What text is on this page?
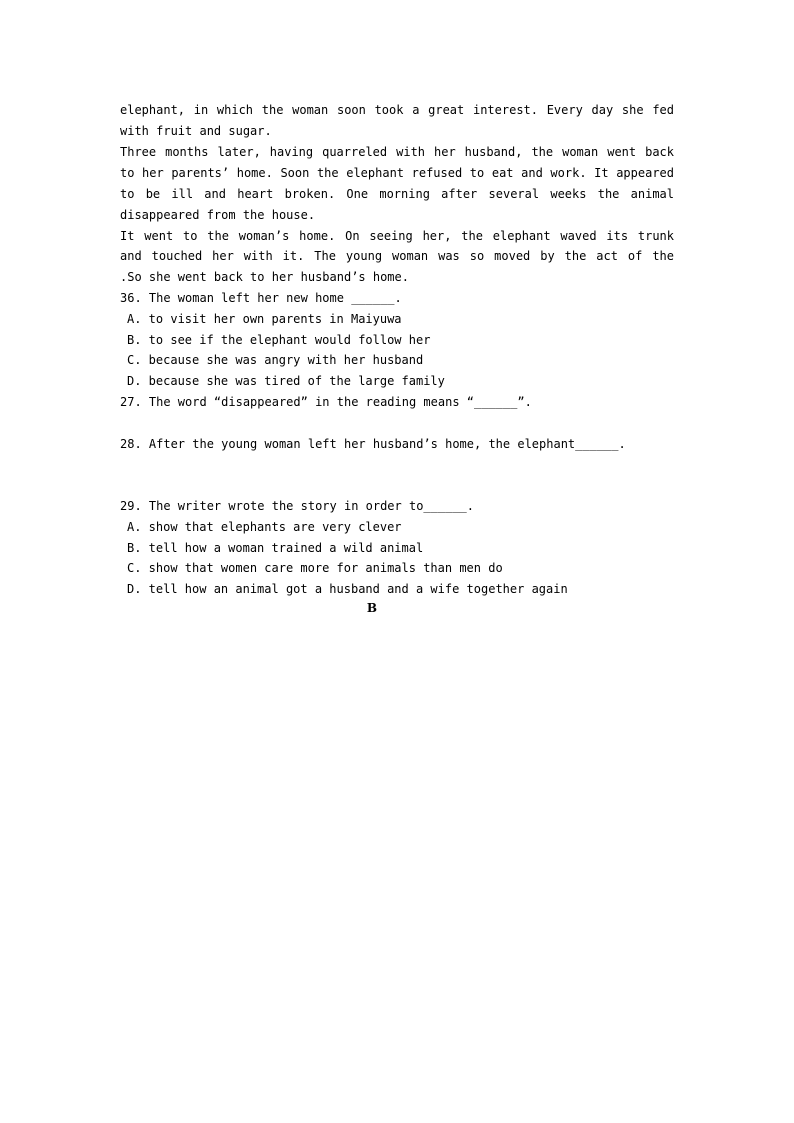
elephant, in which the woman soon took a great interest. Every day she fed
with fruit and sugar.
Three months later, having quarreled with her husband, the woman went back
to her parents’ home. Soon the elephant refused to eat and work. It appeared
to be ill and heart broken. One morning after several weeks the animal
disappeared from the house.
It went to the woman’s home. On seeing her, the elephant waved its trunk
and touched her with it. The young woman was so moved by the act of the
.So she went back to her husband’s home.
36. The woman left her new home ______.
A. to visit her own parents in Maiyuwa
B. to see if the elephant would follow her
C. because she was angry with her husband
D. because she was tired of the large family
27. The word “disappeared” in the reading means “______”.

28. After the young woman left her husband’s home, the elephant______.

29. The writer wrote the story in order to______.
A. show that elephants are very clever
B. tell how a woman trained a wild animal
C. show that women care more for animals than men do
D. tell how an animal got a husband and a wife together again
B
